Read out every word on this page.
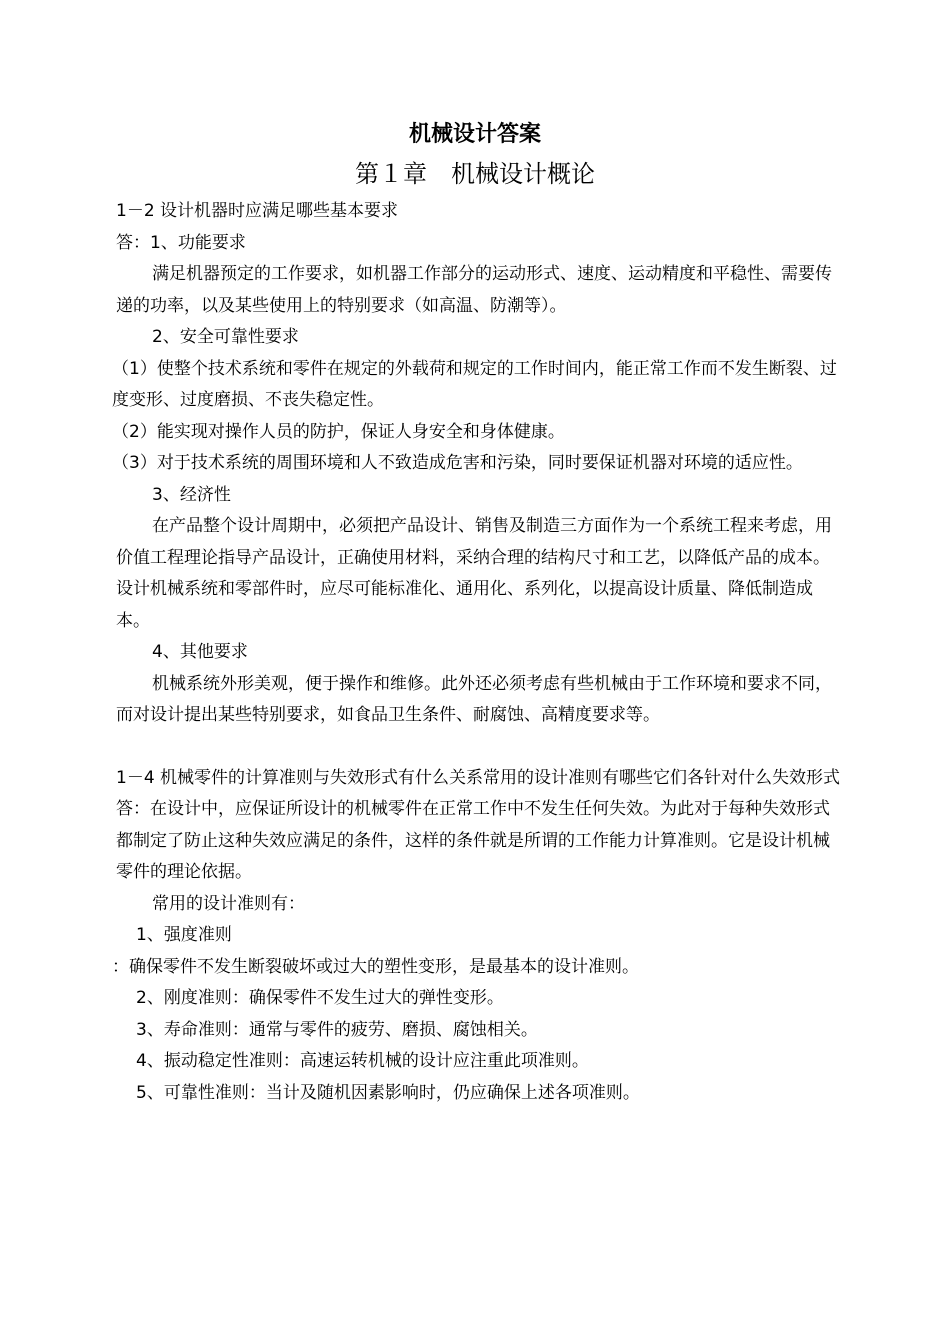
机械设计答案
第１章　机械设计概论

1－2 设计机器时应满足哪些基本要求

答：1、功能要求

满足机器预定的工作要求，如机器工作部分的运动形式、速度、运动精度和平稳性、需要传递的功率，以及某些使用上的特别要求（如高温、防潮等）。

2、安全可靠性要求

（1）使整个技术系统和零件在规定的外载荷和规定的工作时间内，能正常工作而不发生断裂、过度变形、过度磨损、不丧失稳定性。

（2）能实现对操作人员的防护，保证人身安全和身体健康。

（3）对于技术系统的周围环境和人不致造成危害和污染，同时要保证机器对环境的适应性。

3、经济性

在产品整个设计周期中，必须把产品设计、销售及制造三方面作为一个系统工程来考虑，用价值工程理论指导产品设计，正确使用材料，采纳合理的结构尺寸和工艺，以降低产品的成本。设计机械系统和零部件时，应尽可能标准化、通用化、系列化，以提高设计质量、降低制造成本。

4、其他要求

机械系统外形美观，便于操作和维修。此外还必须考虑有些机械由于工作环境和要求不同，而对设计提出某些特别要求，如食品卫生条件、耐腐蚀、高精度要求等。

1－4 机械零件的计算准则与失效形式有什么关系常用的设计准则有哪些它们各针对什么失效形式

答：在设计中，应保证所设计的机械零件在正常工作中不发生任何失效。为此对于每种失效形式都制定了防止这种失效应满足的条件，这样的条件就是所谓的工作能力计算准则。它是设计机械零件的理论依据。

常用的设计准则有：

1、强度准则

：确保零件不发生断裂破坏或过大的塑性变形，是最基本的设计准则。

2、刚度准则：确保零件不发生过大的弹性变形。

3、寿命准则：通常与零件的疲劳、磨损、腐蚀相关。

4、振动稳定性准则：高速运转机械的设计应注重此项准则。

5、可靠性准则：当计及随机因素影响时，仍应确保上述各项准则。
